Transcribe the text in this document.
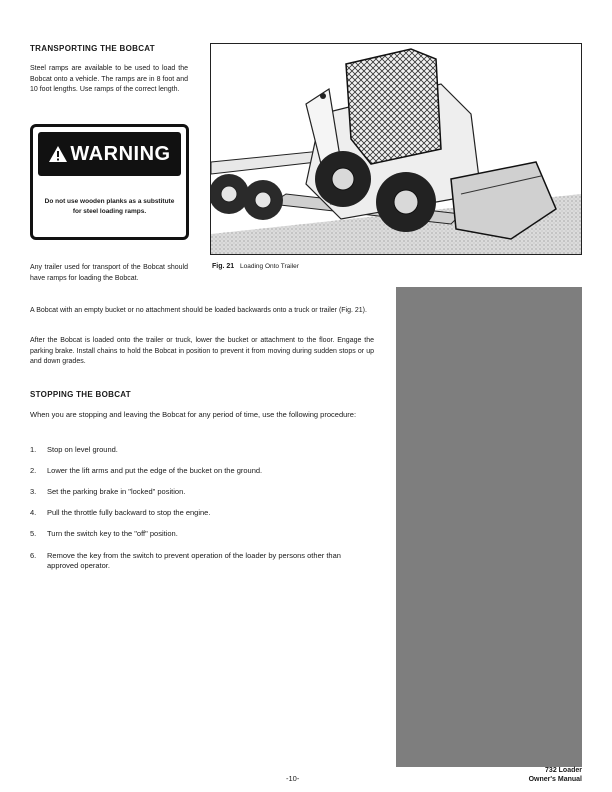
TRANSPORTING THE BOBCAT
Steel ramps are available to be used to load the Bobcat onto a vehicle. The ramps are in 8 foot and 10 foot lengths. Use ramps of the correct length.
WARNING
Do not use wooden planks as a substitute for steel loading ramps.
Fig. 21 Loading Onto Trailer
Any trailer used for transport of the Bobcat should have ramps for loading the Bobcat.
A Bobcat with an empty bucket or no attachment should be loaded backwards onto a truck or trailer (Fig. 21).
After the Bobcat is loaded onto the trailer or truck, lower the bucket or attachment to the floor. Engage the parking brake. Install chains to hold the Bobcat in position to prevent it from moving during sudden stops or up and down grades.
STOPPING THE BOBCAT
When you are stopping and leaving the Bobcat for any period of time, use the following procedure:
1. Stop on level ground.
2. Lower the lift arms and put the edge of the bucket on the ground.
3. Set the parking brake in "locked" position.
4. Pull the throttle fully backward to stop the engine.
5. Turn the switch key to the "off" position.
6. Remove the key from the switch to prevent operation of the loader by persons other than approved operator.
-10-
732 Loader
Owner's Manual
